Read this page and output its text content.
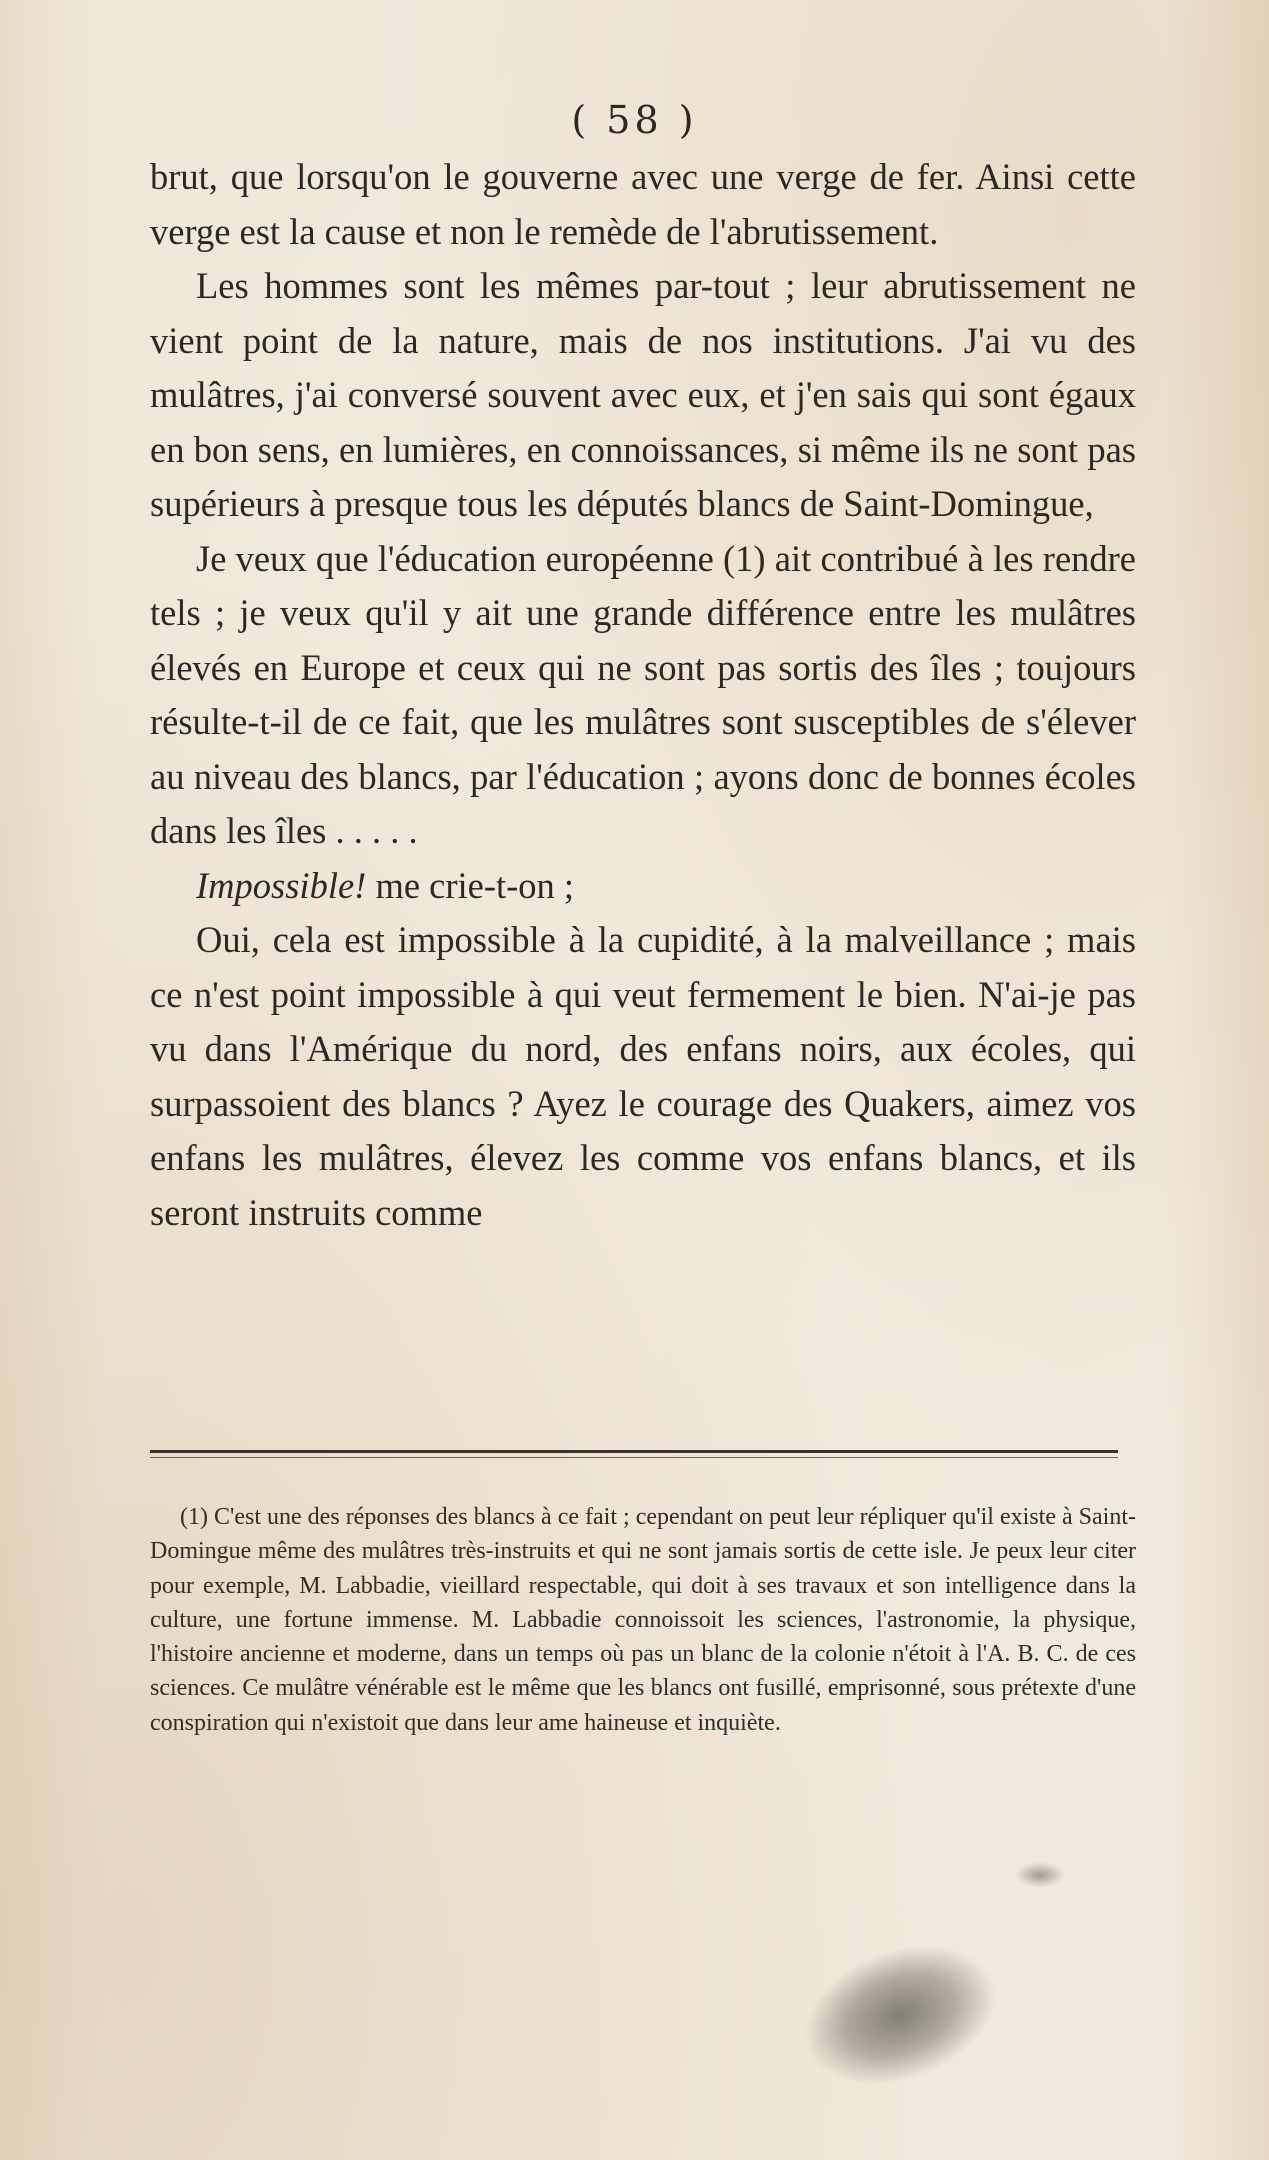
( 58 )

brut, que lorsqu'on le gouverne avec une verge de fer. Ainsi cette verge est la cause et non le remède de l'abrutissement.

Les hommes sont les mêmes par-tout ; leur abrutissement ne vient point de la nature, mais de nos institutions. J'ai vu des mulâtres, j'ai conversé souvent avec eux, et j'en sais qui sont égaux en bon sens, en lumières, en connoissances, si même ils ne sont pas supérieurs à presque tous les députés blancs de Saint-Domingue,

Je veux que l'éducation européenne (1) ait contribué à les rendre tels ; je veux qu'il y ait une grande différence entre les mulâtres élevés en Europe et ceux qui ne sont pas sortis des îles ; toujours résulte-t-il de ce fait, que les mulâtres sont susceptibles de s'élever au niveau des blancs, par l'éducation ; ayons donc de bonnes écoles dans les îles . . . . .

Impossible! me crie-t-on ;

Oui, cela est impossible à la cupidité, à la malveillance ; mais ce n'est point impossible à qui veut fermement le bien. N'ai-je pas vu dans l'Amérique du nord, des enfans noirs, aux écoles, qui surpassoient des blancs ? Ayez le courage des Quakers, aimez vos enfans les mulâtres, élevez les comme vos enfans blancs, et ils seront instruits comme

(1) C'est une des réponses des blancs à ce fait ; cependant on peut leur répliquer qu'il existe à Saint-Domingue même des mulâtres très-instruits et qui ne sont jamais sortis de cette isle. Je peux leur citer pour exemple, M. Labbadie, vieillard respectable, qui doit à ses travaux et son intelligence dans la culture, une fortune immense. M. Labbadie connoissoit les sciences, l'astronomie, la physique, l'histoire ancienne et moderne, dans un temps où pas un blanc de la colonie n'étoit à l'A. B. C. de ces sciences. Ce mulâtre vénérable est le même que les blancs ont fusillé, emprisonné, sous prétexte d'une conspiration qui n'existoit que dans leur ame haineuse et inquiète.
